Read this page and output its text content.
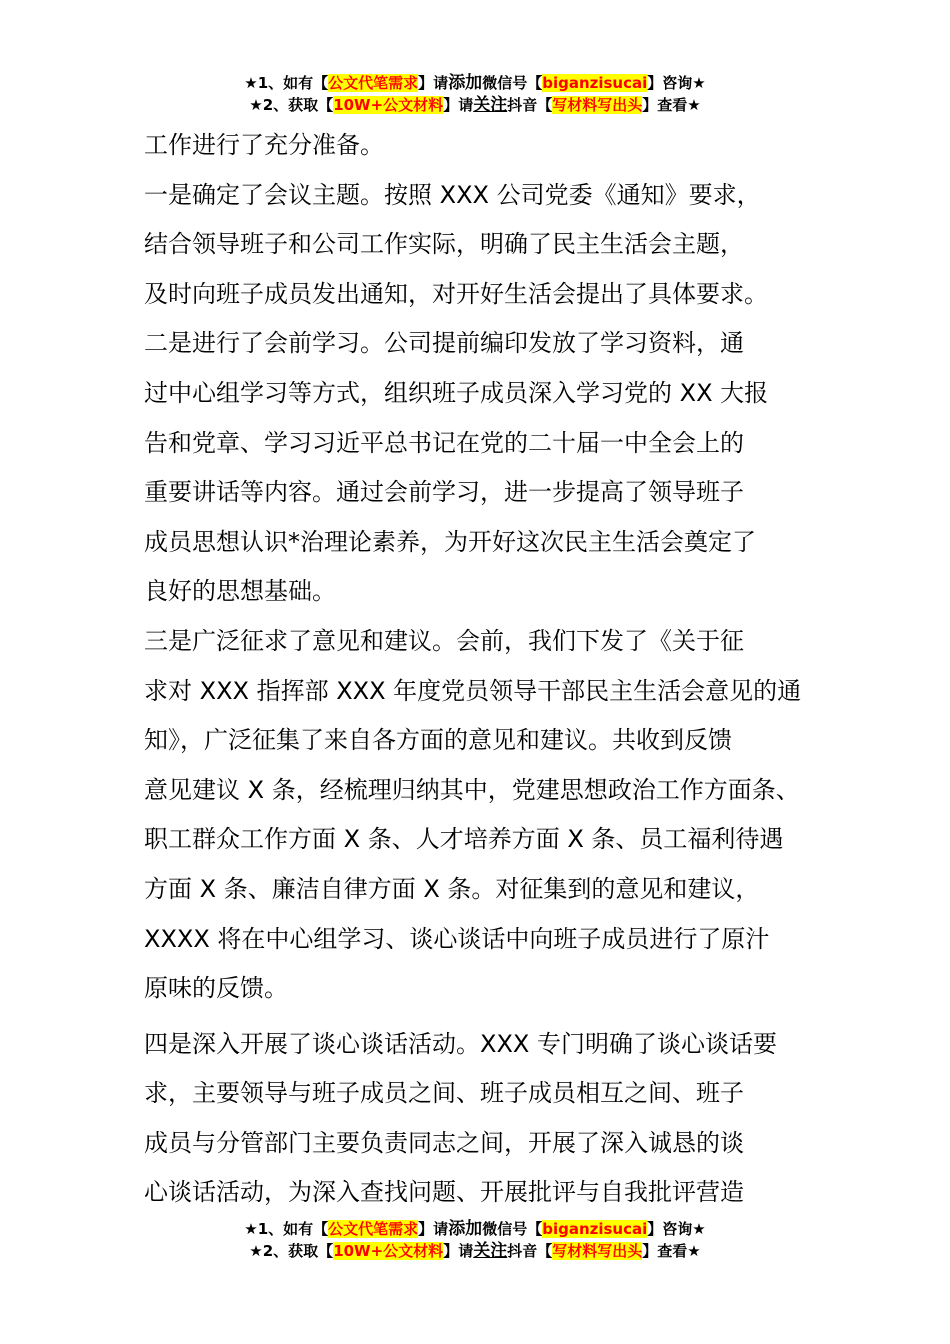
★1、如有【公文代笔需求】请添加微信号【biganzisucai】咨询★
★2、获取【10W+公文材料】请关注抖音【写材料写出头】查看★

工作进行了充分准备。

一是确定了会议主题。按照 XXX 公司党委《通知》要求，

结合领导班子和公司工作实际，明确了民主生活会主题，

及时向班子成员发出通知，对开好生活会提出了具体要求。

二是进行了会前学习。公司提前编印发放了学习资料，通

过中心组学习等方式，组织班子成员深入学习党的 XX 大报

告和党章、学习习近平总书记在党的二十届一中全会上的

重要讲话等内容。通过会前学习，进一步提高了领导班子

成员思想认识*治理论素养，为开好这次民主生活会奠定了

良好的思想基础。

三是广泛征求了意见和建议。会前，我们下发了《关于征

求对 XXX 指挥部 XXX 年度党员领导干部民主生活会意见的通

知》，广泛征集了来自各方面的意见和建议。共收到反馈

意见建议 X 条，经梳理归纳其中，党建思想政治工作方面条、

职工群众工作方面 X 条、人才培养方面 X 条、员工福利待遇

方面 X 条、廉洁自律方面 X 条。对征集到的意见和建议，

XXXX 将在中心组学习、谈心谈话中向班子成员进行了原汁

原味的反馈。

四是深入开展了谈心谈话活动。XXX 专门明确了谈心谈话要

求，主要领导与班子成员之间、班子成员相互之间、班子

成员与分管部门主要负责同志之间，开展了深入诚恳的谈

心谈话活动，为深入查找问题、开展批评与自我批评营造

★1、如有【公文代笔需求】请添加微信号【biganzisucai】咨询★
★2、获取【10W+公文材料】请关注抖音【写材料写出头】查看★
